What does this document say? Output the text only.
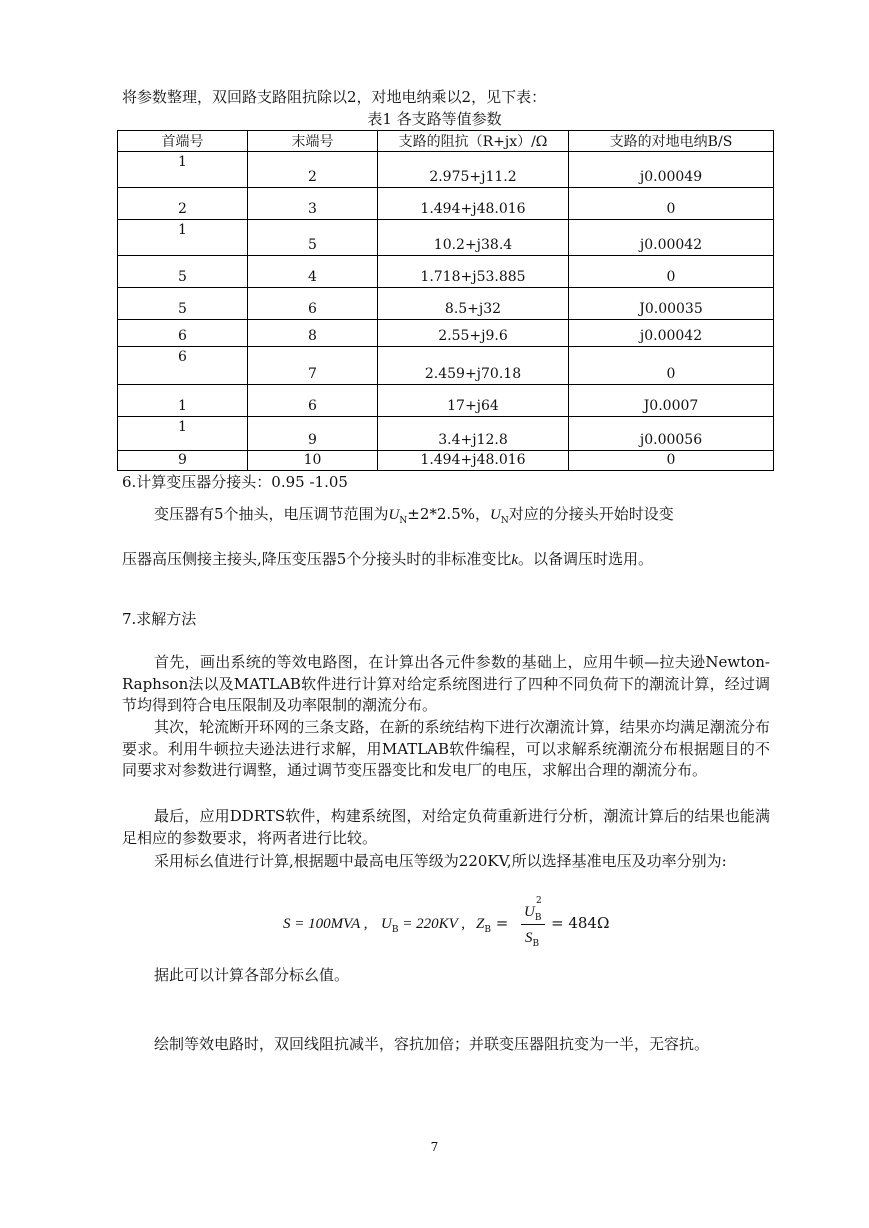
将参数整理，双回路支路阻抗除以2，对地电纳乘以2，见下表：
表1 各支路等值参数
首端号	末端号	支路的阻抗（R+jx）/Ω	支路的对地电纳B/S
1	2	2.975+j11.2	j0.00049
2	3	1.494+j48.016	0
1	5	10.2+j38.4	j0.00042
5	4	1.718+j53.885	0
5	6	8.5+j32	J0.00035
6	8	2.55+j9.6	j0.00042
6	7	2.459+j70.18	0
1	6	17+j64	J0.0007
1	9	3.4+j12.8	j0.00056
9	10	1.494+j48.016	0
6.计算变压器分接头：0.95 -1.05
变压器有5个抽头，电压调节范围为$U_N\pm 2*2.5\%$，$U_N$对应的分接头开始时设变
压器高压侧接主接头,降压变压器5个分接头时的非标准变比k。以备调压时选用。
7.求解方法
首先，画出系统的等效电路图，在计算出各元件参数的基础上，应用牛顿—拉夫逊Newton-Raphson法以及MATLAB软件进行计算对给定系统图进行了四种不同负荷下的潮流计算，经过调节均得到符合电压限制及功率限制的潮流分布。
其次，轮流断开环网的三条支路，在新的系统结构下进行次潮流计算，结果亦均满足潮流分布要求。利用牛顿拉夫逊法进行求解，用MATLAB软件编程，可以求解系统潮流分布根据题目的不同要求对参数进行调整，通过调节变压器变比和发电厂的电压，求解出合理的潮流分布。
最后，应用DDRTS软件，构建系统图，对给定负荷重新进行分析，潮流计算后的结果也能满足相应的参数要求，将两者进行比较。
采用标幺值进行计算,根据题中最高电压等级为220KV,所以选择基准电压及功率分别为:
S = 100MVA , $U_B = 220KV$ , $Z_B$ =
$U_B$
2
$S_B$
= 484Ω
据此可以计算各部分标幺值。
绘制等效电路时，双回线阻抗减半，容抗加倍；并联变压器阻抗变为一半，无容抗。
7
